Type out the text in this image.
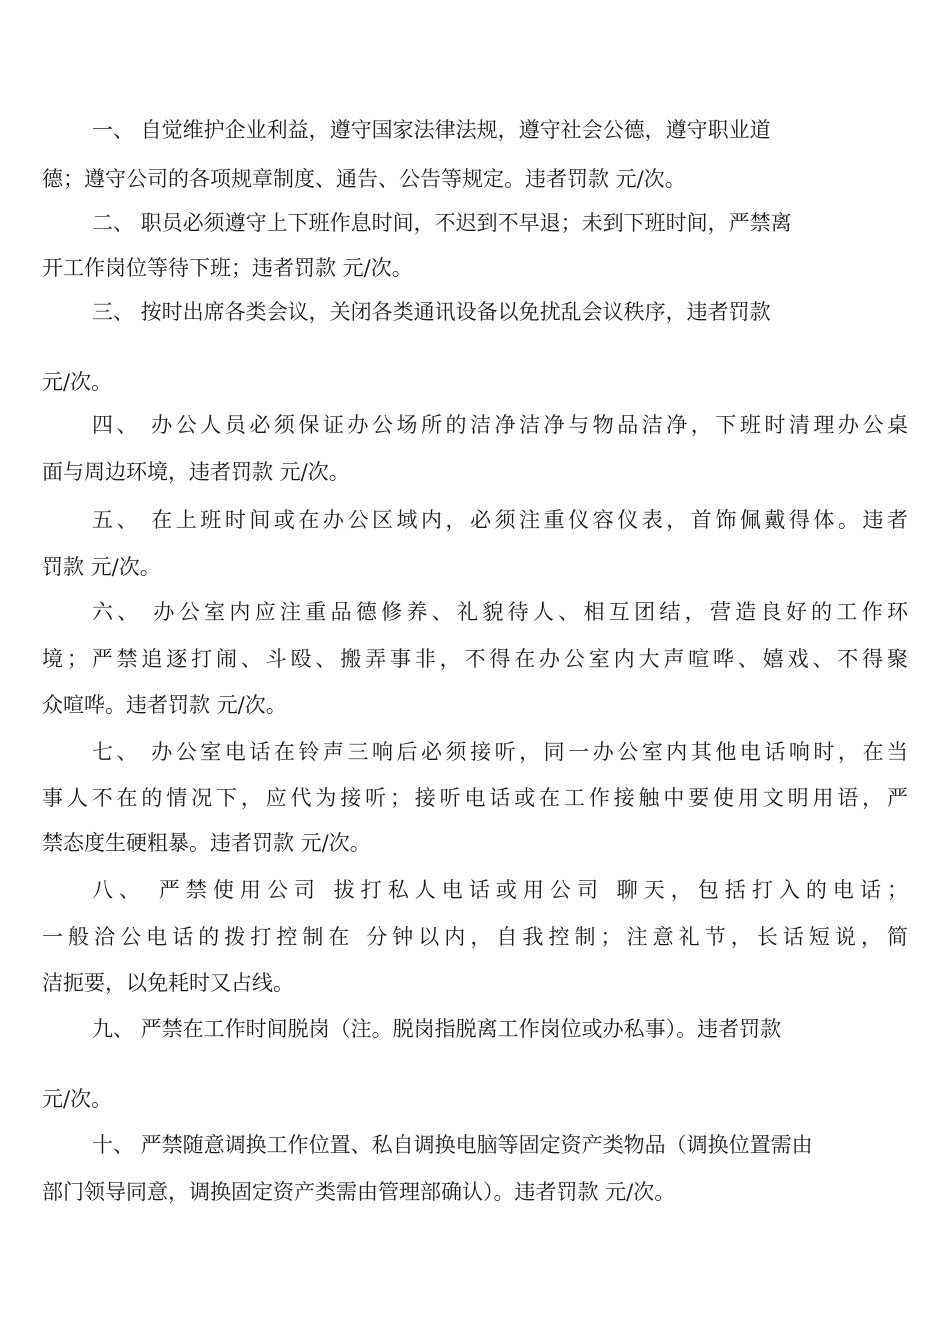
一、 自觉维护企业利益，遵守国家法律法规，遵守社会公德，遵守职业道
德；遵守公司的各项规章制度、通告、公告等规定。违者罚款 元/次。
二、 职员必须遵守上下班作息时间，不迟到不早退；未到下班时间，严禁离
开工作岗位等待下班；违者罚款 元/次。
三、 按时出席各类会议，关闭各类通讯设备以免扰乱会议秩序，违者罚款
元/次。
四、 办公人员必须保证办公场所的洁净洁净与物品洁净，下班时清理办公桌
面与周边环境，违者罚款 元/次。
五、 在上班时间或在办公区域内，必须注重仪容仪表，首饰佩戴得体。违者
罚款 元/次。
六、 办公室内应注重品德修养、礼貌待人、相互团结，营造良好的工作环
境；严禁追逐打闹、斗殴、搬弄事非，不得在办公室内大声喧哗、嬉戏、不得聚
众喧哗。违者罚款 元/次。
七、 办公室电话在铃声三响后必须接听，同一办公室内其他电话响时，在当
事人不在的情况下，应代为接听；接听电话或在工作接触中要使用文明用语，严
禁态度生硬粗暴。违者罚款 元/次。
八、 严禁使用公司 拔打私人电话或用公司 聊天，包括打入的电话；
一般洽公电话的拨打控制在 分钟以内，自我控制；注意礼节，长话短说，简
洁扼要，以免耗时又占线。
九、 严禁在工作时间脱岗（注。脱岗指脱离工作岗位或办私事）。违者罚款
元/次。
十、 严禁随意调换工作位置、私自调换电脑等固定资产类物品（调换位置需由
部门领导同意，调换固定资产类需由管理部确认）。违者罚款 元/次。
